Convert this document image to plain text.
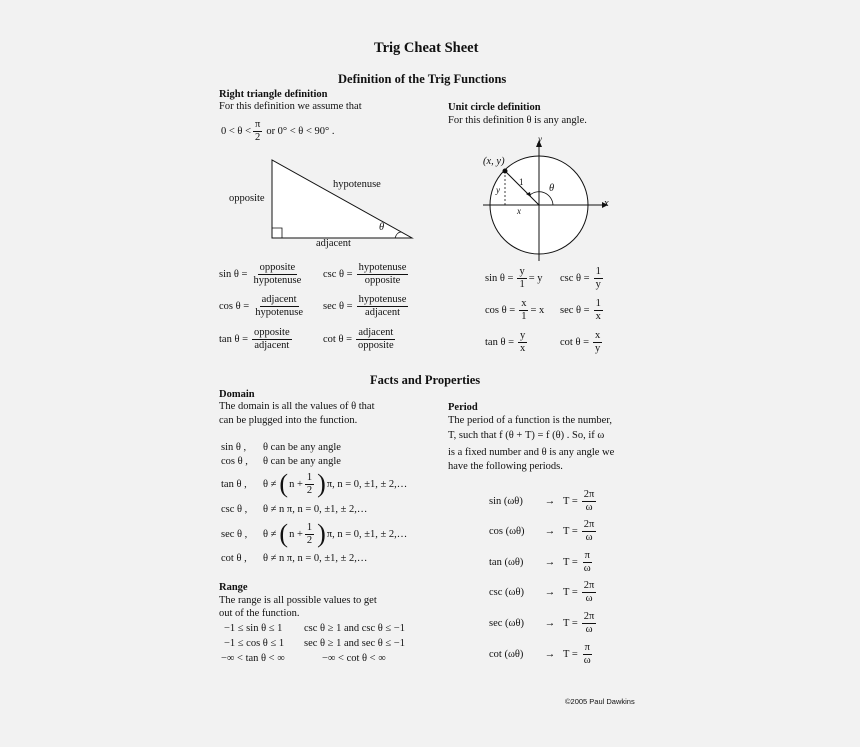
Trig Cheat Sheet
Definition of the Trig Functions
Right triangle definition
For this definition we assume that
$0 < \theta < \frac{\pi}{2}$ or 0° < θ < 90° .
opposite
hypotenuse
adjacent
θ
$\sin \theta = \frac{\text{opposite}}{\text{hypotenuse}}$ $\csc \theta = \frac{\text{hypotenuse}}{\text{opposite}}$
$\cos \theta = \frac{\text{adjacent}}{\text{hypotenuse}}$ $\sec \theta = \frac{\text{hypotenuse}}{\text{adjacent}}$
$\tan \theta = \frac{\text{opposite}}{\text{adjacent}}$	$\cot \theta = \frac{\text{adjacent}}{\text{opposite}}$
Unit circle definition
For this definition θ is any angle.
(x, y)
x
y
x
y
1
θ
$\sin \theta = \frac{y}{1} = y$ $\csc \theta = \frac{1}{y}$
$\cos \theta = \frac{x}{1} = x$ $\sec \theta = \frac{1}{x}$
$\tan \theta = \frac{y}{x}$	$\cot \theta = \frac{x}{y}$
Facts and Properties
Domain
The domain is all the values of θ that
can be plugged into the function.
sin θ , θ can be any angle
cos θ , θ can be any angle
tan θ , θ ≠ ( $n + \frac{1}{2}$ ) π, n = 0, ±1, ± 2,…
csc θ , θ ≠ n π, n = 0, ±1, ± 2,…
sec θ , θ ≠ ( $n + \frac{1}{2}$ ) π, n = 0, ±1, ± 2,…
cot θ , θ ≠ n π, n = 0, ±1, ± 2,…
Range
The range is all possible values to get
out of the function.
−1 ≤ sin θ ≤ 1 csc θ ≥ 1 and csc θ ≤ −1
−1 ≤ cos θ ≤ 1 sec θ ≥ 1 and sec θ ≤ −1
−∞ < tan θ < ∞	−∞ < cot θ < ∞
Period
The period of a function is the number,
T, such that f (θ + T) = f (θ) . So, if ω
is a fixed number and θ is any angle we
have the following periods.
sin (ωθ)	→ $T = \frac{2\pi}{\omega}$
cos (ωθ)	→ $T = \frac{2\pi}{\omega}$
tan (ωθ)	→ $T = \frac{\pi}{\omega}$
csc (ωθ)	→ $T = \frac{2\pi}{\omega}$
sec (ωθ)	→ $T = \frac{2\pi}{\omega}$
cot (ωθ)	→ $T = \frac{\pi}{\omega}$
©2005 Paul Dawkins
